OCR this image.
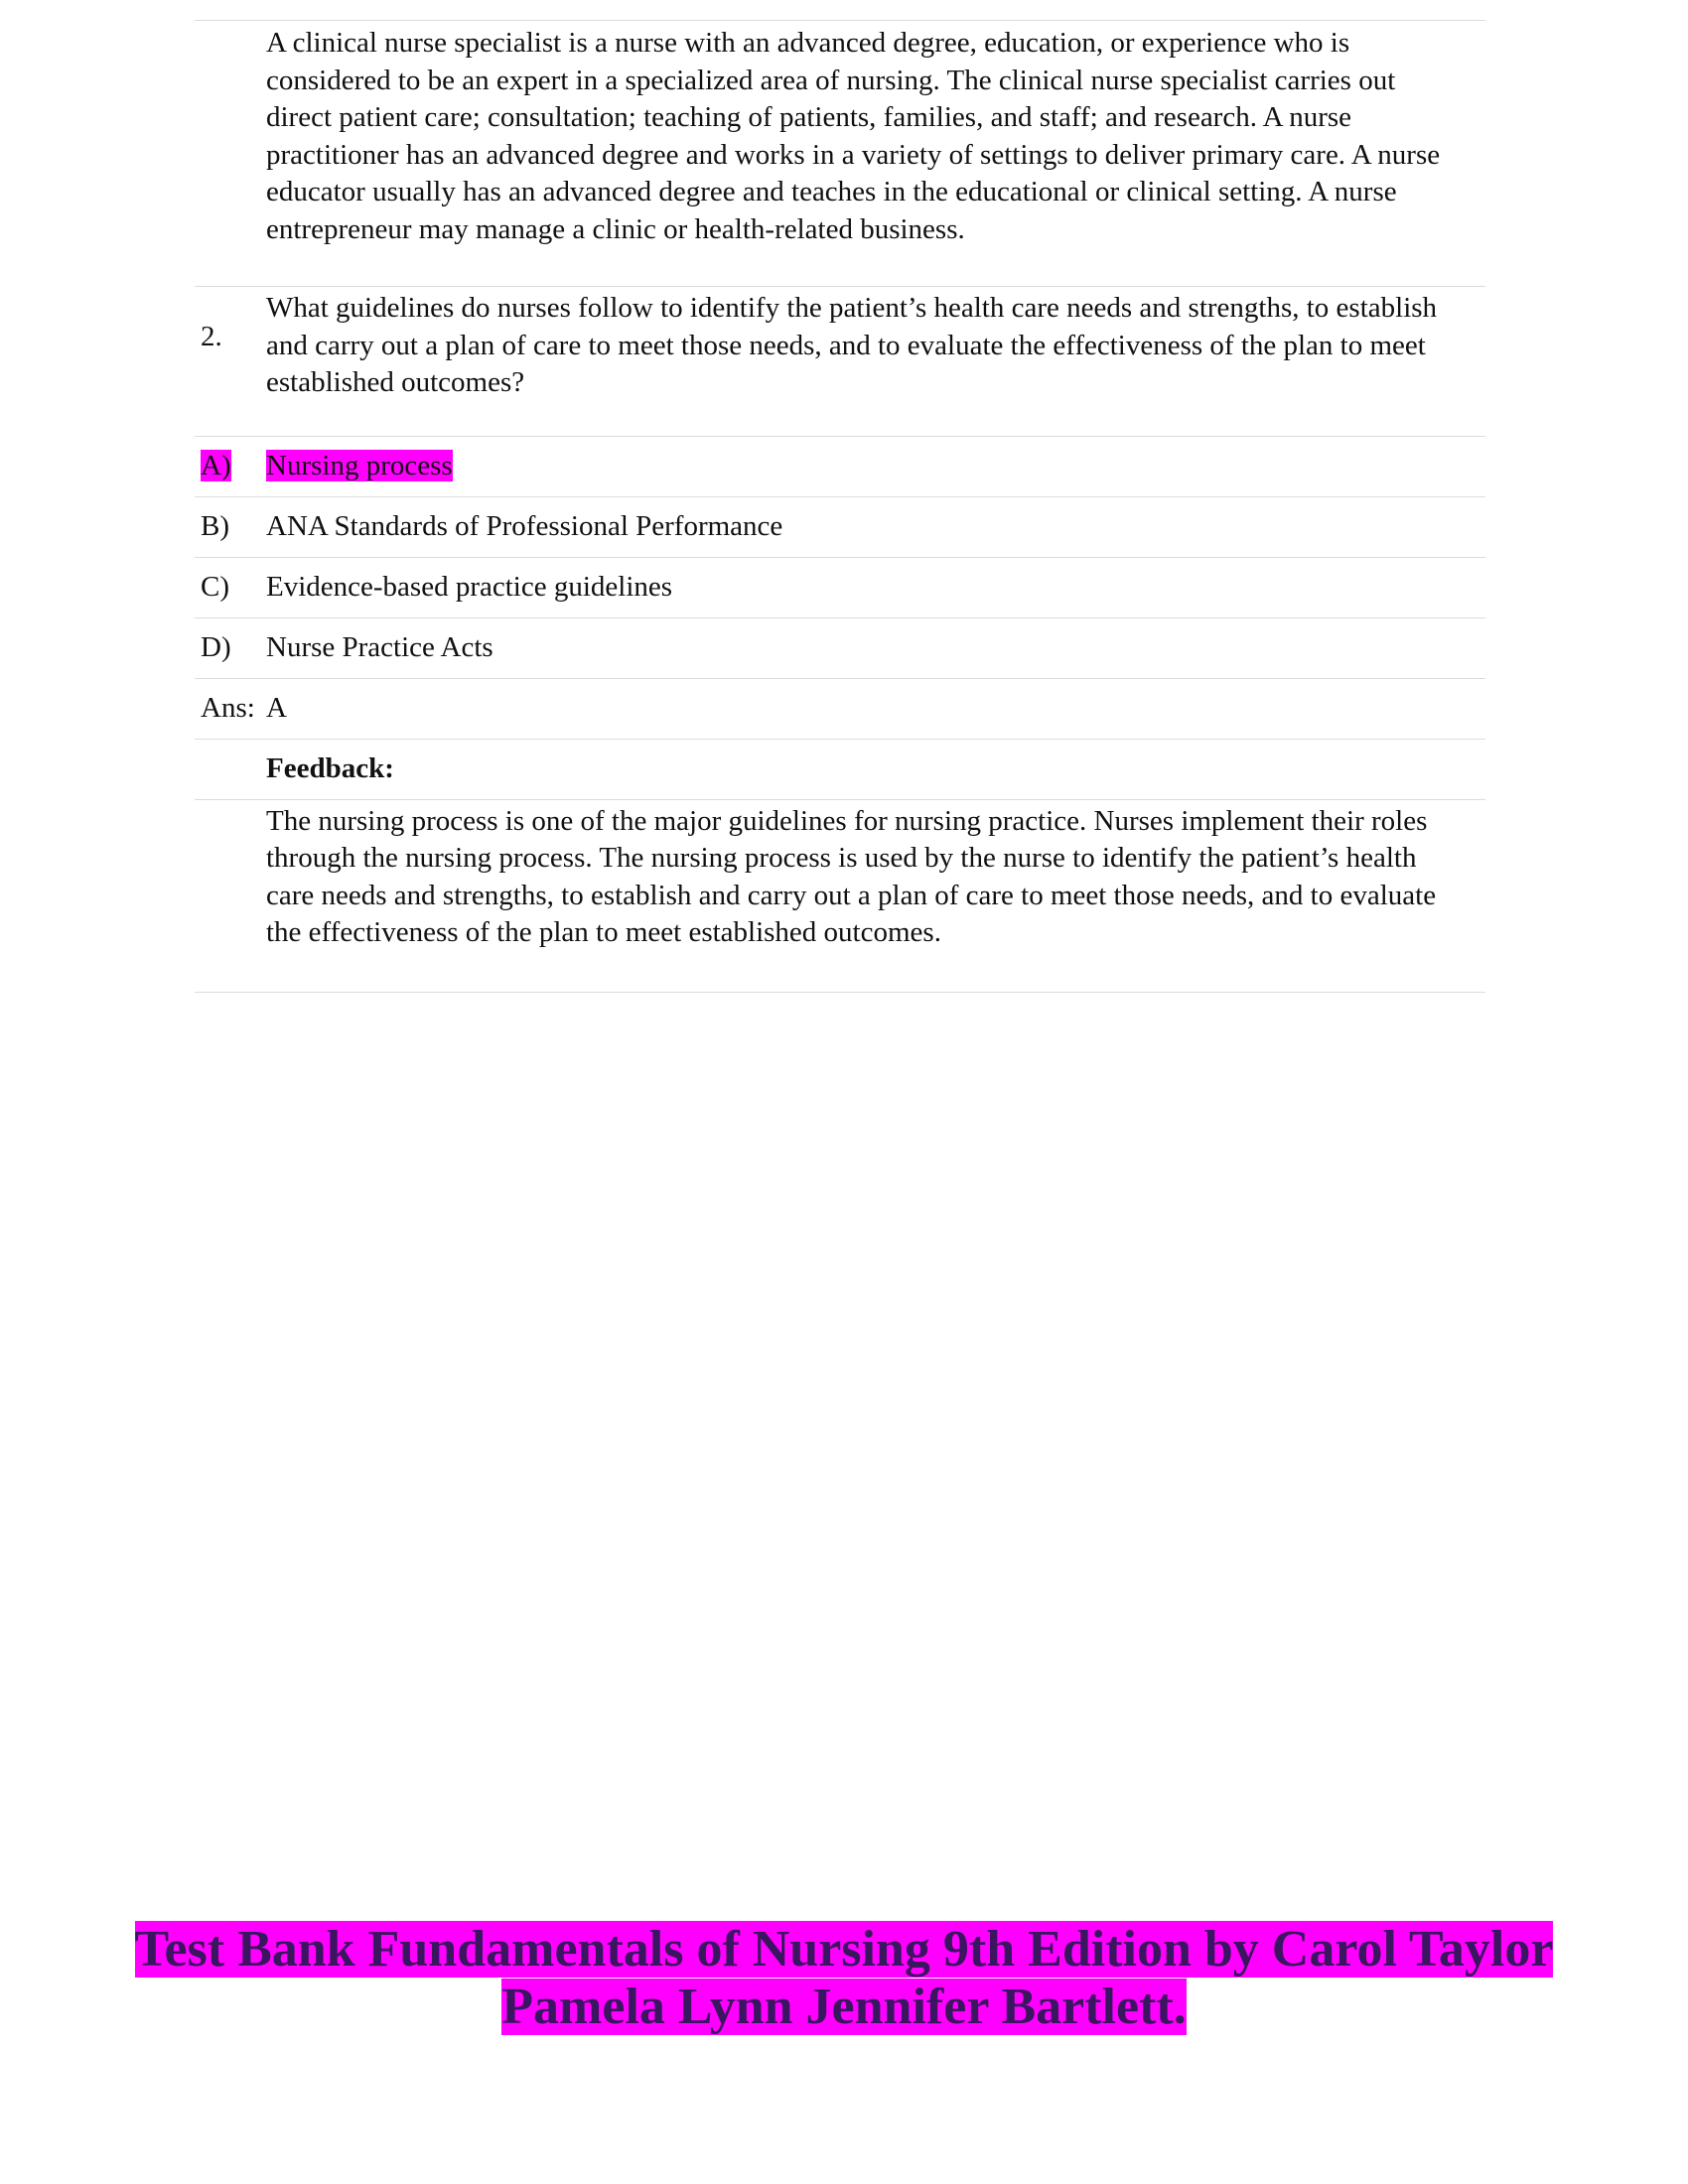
A clinical nurse specialist is a nurse with an advanced degree, education, or experience who is considered to be an expert in a specialized area of nursing. The clinical nurse specialist carries out direct patient care; consultation; teaching of patients, families, and staff; and research. A nurse practitioner has an advanced degree and works in a variety of settings to deliver primary care. A nurse educator usually has an advanced degree and teaches in the educational or clinical setting. A nurse entrepreneur may manage a clinic or health-related business.
2.
What guidelines do nurses follow to identify the patient’s health care needs and strengths, to establish and carry out a plan of care to meet those needs, and to evaluate the effectiveness of the plan to meet established outcomes?
A)	Nursing process
B)	ANA Standards of Professional Performance
C)	Evidence-based practice guidelines
D)	Nurse Practice Acts
Ans: A
Feedback:
The nursing process is one of the major guidelines for nursing practice. Nurses implement their roles through the nursing process. The nursing process is used by the nurse to identify the patient’s health care needs and strengths, to establish and carry out a plan of care to meet those needs, and to evaluate the effectiveness of the plan to meet established outcomes.
Test Bank Fundamentals of Nursing 9th Edition by Carol Taylor
Pamela Lynn Jennifer Bartlett.
